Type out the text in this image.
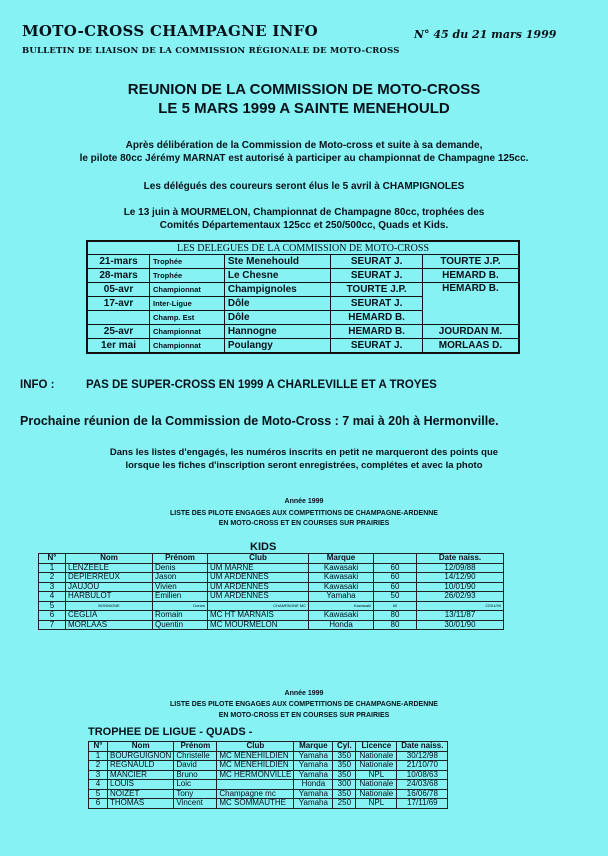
MOTO-CROSS CHAMPAGNE INFO	N° 45 du 21 mars 1999
BULLETIN DE LIAISON DE LA COMMISSION RÉGIONALE DE MOTO-CROSS
REUNION DE LA COMMISSION DE MOTO-CROSS
LE 5 MARS 1999 A SAINTE MENEHOULD
Après délibération de la Commission de Moto-cross et suite à sa demande,
le pilote 80cc Jérémy MARNAT est autorisé à participer au championnat de Champagne 125cc.
Les délégués des coureurs seront élus le 5 avril à CHAMPIGNOLES
Le 13 juin à MOURMELON, Championnat de Champagne 80cc, trophées des
Comités Départementaux 125cc et 250/500cc, Quads et Kids.
LES DELEGUES DE LA COMMISSION DE MOTO-CROSS				
21-mars	Trophée	Ste Menehould	SEURAT J.	TOURTE J.P.
28-mars	Trophée	Le Chesne	SEURAT J.	HEMARD B.
05-avr	Championnat	Champignoles	TOURTE J.P.	HEMARD B.
17-avr	Inter-Ligue	Dôle	SEURAT J.	
	Champ. Est	Dôle	HEMARD B.	
25-avr	Championnat	Hannogne	HEMARD B.	JOURDAN M.
1er mai	Championnat	Poulangy	SEURAT J.	MORLAAS D.
INFO :	PAS DE SUPER-CROSS EN 1999 A CHARLEVILLE ET A TROYES
Prochaine réunion de la Commission de Moto-Cross : 7 mai à 20h à Hermonville.
Dans les listes d'engagés, les numéros inscrits en petit ne marqueront des points que
lorsque les fiches d'inscription seront enregistrées, complétes et avec la photo
Année 1999
LISTE DES PILOTE ENGAGES AUX COMPETITIONS DE CHAMPAGNE-ARDENNE
EN MOTO-CROSS ET EN COURSES SUR PRAIRIES
KIDS
N°	Nom	Prénom	Club	Marque		Date naiss.
1	LENZEELE	Denis	UM MARNE	Kawasaki	60	12/09/88
2	DEPIERREUX	Jason	UM ARDENNES	Kawasaki	60	14/12/90
3	JAUJOU	Vivien	UM ARDENNES	Kawasaki	60	10/01/90
4	HARBULOT	Emilien	UM ARDENNES	Yamaha	50	26/02/93
5	BONNIGNE	Dorian	CHAMPAGNE MC	Kawasaki	60	22/01/90
6	CEGLIA	Romain	MC HT MARNAIS	Kawasaki	80	13/11/87
7	MORLAAS	Quentin	MC MOURMELON	Honda	80	30/01/90
Année 1999
LISTE DES PILOTE ENGAGES AUX COMPETITIONS DE CHAMPAGNE-ARDENNE
EN MOTO-CROSS ET EN COURSES SUR PRAIRIES
TROPHEE DE LIGUE - QUADS -
N°	Nom	Prénom	Club	Marque	Cyl.	Licence	Date naiss.
1	BOURGUIGNON	Christelle	MC MENEHILDIEN	Yamaha	350	Nationale	30/12/98
2	REGNAULD	David	MC MENEHILDIEN	Yamaha	350	Nationale	21/10/70
3	MANCIER	Bruno	MC HERMONVILLE	Yamaha	350	NPL	10/08/63
4	LOUIS	Loic		Honda	300	Nationale	24/03/68
5	NOIZET	Tony	Champagne mc	Yamaha	350	Nationale	16/06/78
6	THOMAS	Vincent	MC SOMMAUTHE	Yamaha	250	NPL	17/11/69
